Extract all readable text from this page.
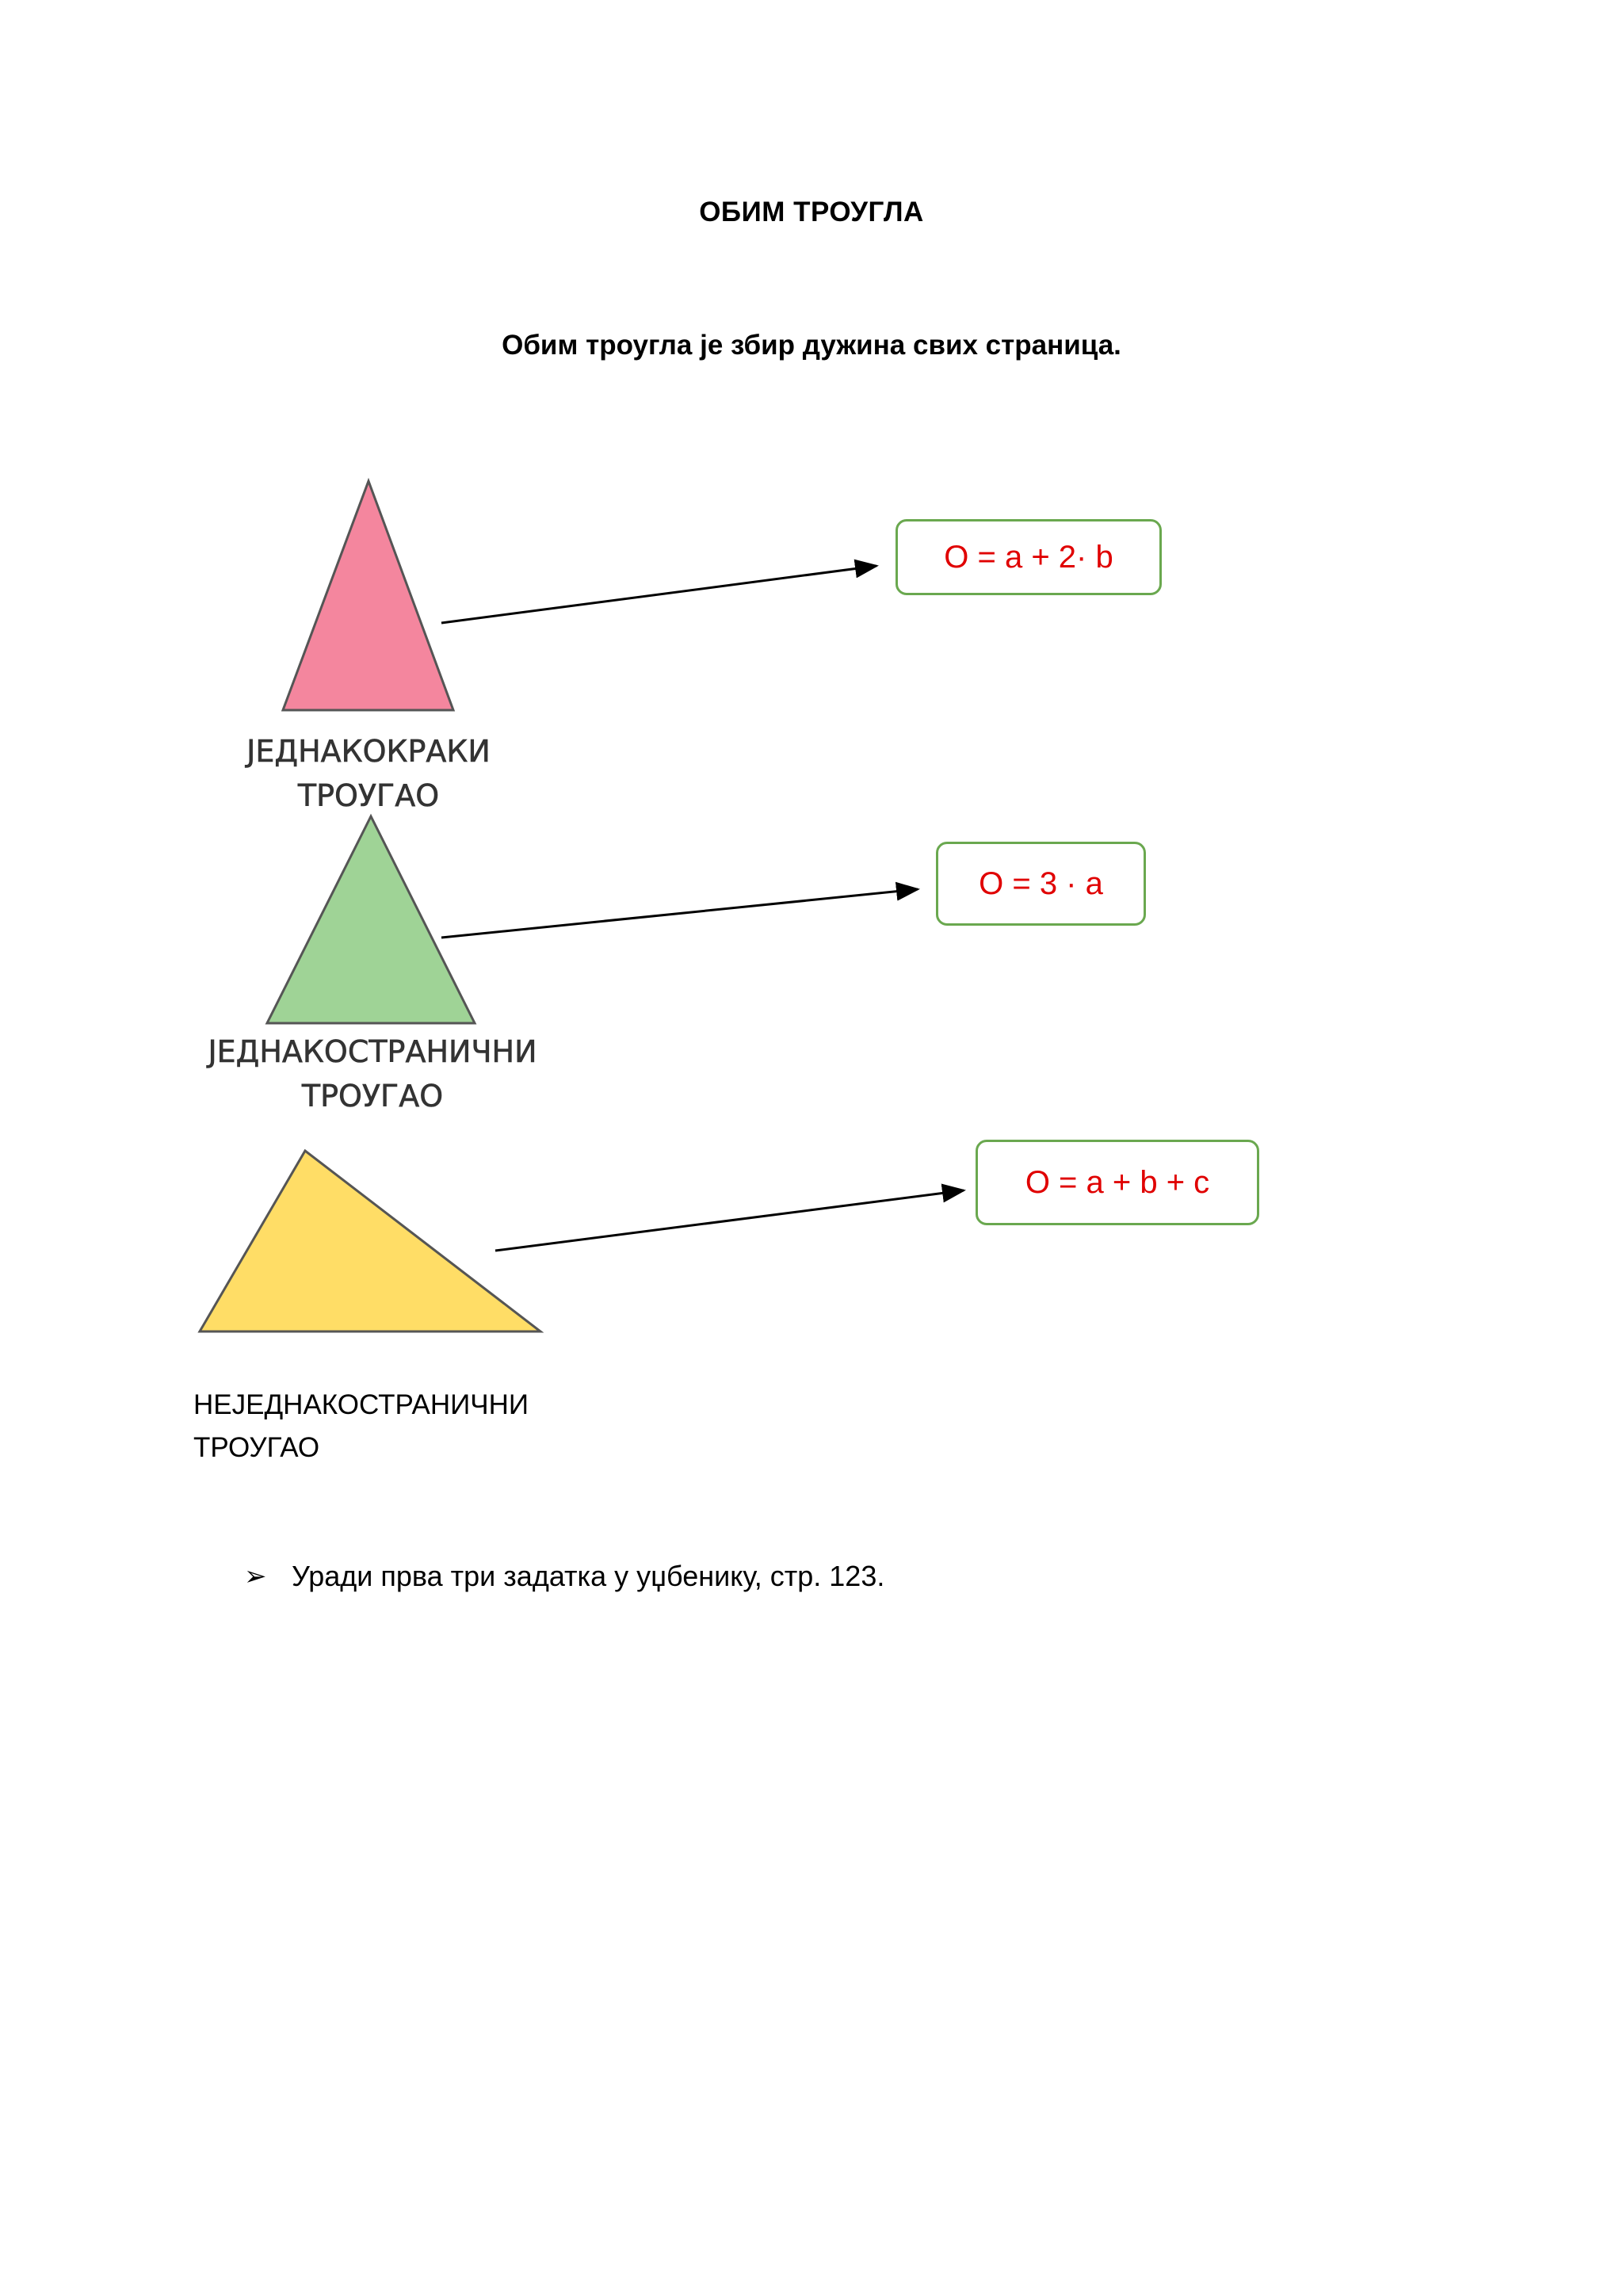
ОБИМ ТРОУГЛА
Обим троугла је збир дужина свих страница.
ЈЕДНАКОКРАКИ
ТРОУГАО
ЈЕДНАКОСТРАНИЧНИ
ТРОУГАО
НЕЈЕДНАКОСТРАНИЧНИ
ТРОУГАО
O = a + 2· b
O = 3 · a
O = a + b + c
➢ Уради прва три задатка у уџбенику, стр. 123.
